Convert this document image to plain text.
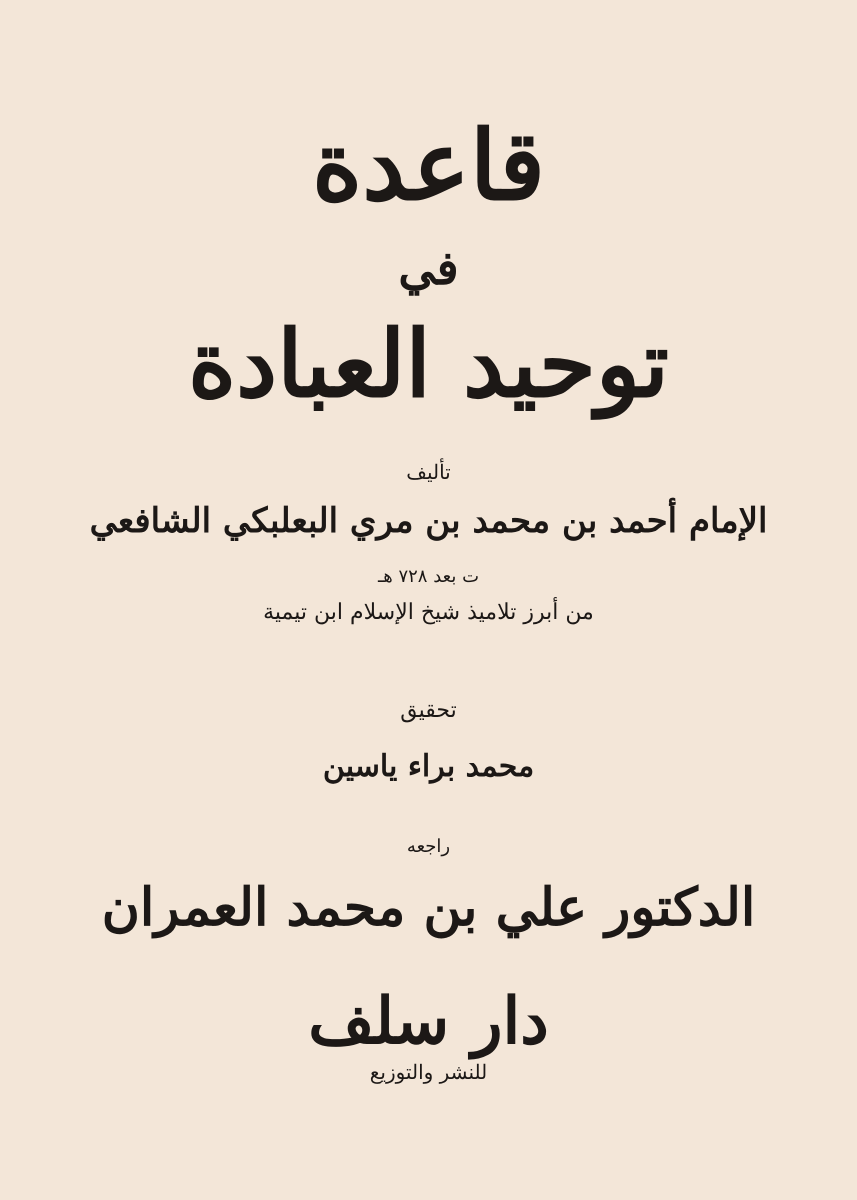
قاعدة
في
توحيد العبادة
تأليف
الإمام أحمد بن محمد بن مري البعلبكي الشافعي
ت بعد ٧٢٨ هـ
من أبرز تلاميذ شيخ الإسلام ابن تيمية
تحقيق
محمد براء ياسين
راجعه
الدكتور علي بن محمد العمران
دار سلف
للنشر والتوزيع
